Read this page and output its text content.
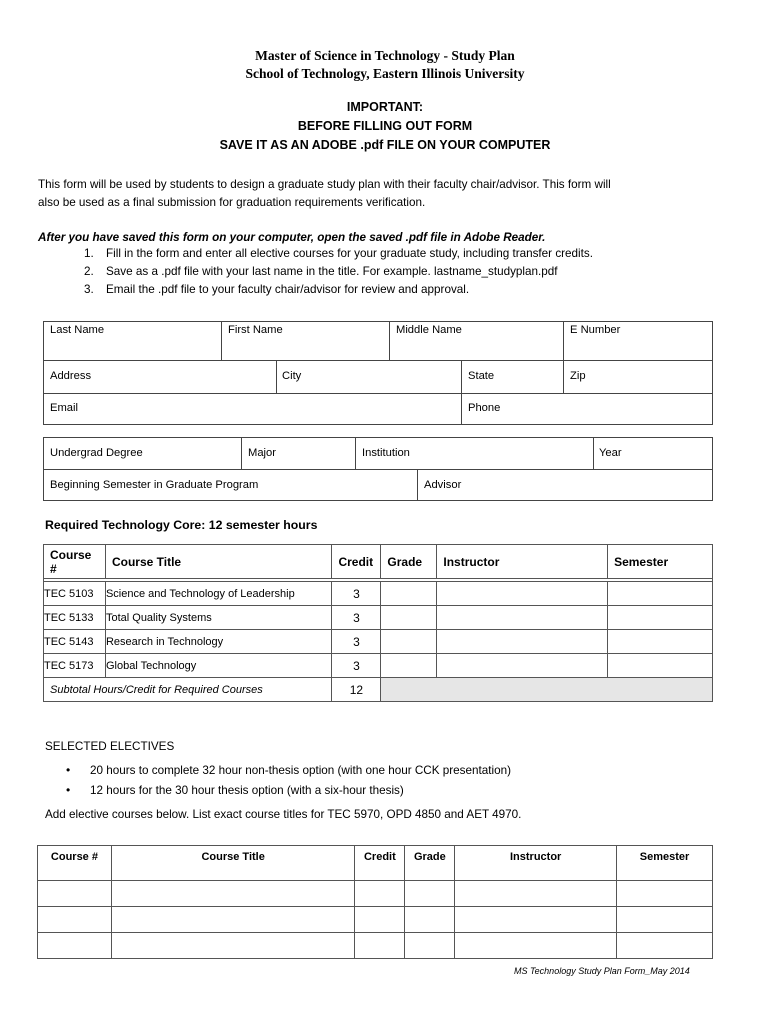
Master of Science in Technology - Study Plan
School of Technology, Eastern Illinois University
IMPORTANT:
BEFORE FILLING OUT FORM
SAVE IT AS AN ADOBE .pdf FILE ON YOUR COMPUTER
This form will be used by students to design a graduate study plan with their faculty chair/advisor. This form will
also be used as a final submission for graduation requirements verification.
After you have saved this form on your computer, open the saved .pdf file in Adobe Reader.
1. Fill in the form and enter all elective courses for your graduate study, including transfer credits.
2. Save as a .pdf file with your last name in the title. For example. lastname_studyplan.pdf
3. Email the .pdf file to your faculty chair/advisor for review and approval.
Last Name	First Name	Middle Name	E Number
Address	City	State	Zip
Email	Phone
Undergrad Degree	Major	Institution	Year
Beginning Semester in Graduate Program	Advisor
Required Technology Core: 12 semester hours
Course #	Course Title	Credit	Grade	Instructor	Semester

TEC 5103	Science and Technology of Leadership	3			
TEC 5133	Total Quality Systems	3			
TEC 5143	Research in Technology	3			
TEC 5173	Global Technology	3			
Subtotal Hours/Credit for Required Courses		12			
SELECTED ELECTIVES
• 20 hours to complete 32 hour non-thesis option (with one hour CCK presentation)
• 12 hours for the 30 hour thesis option (with a six-hour thesis)
Add elective courses below. List exact course titles for TEC 5970, OPD 4850 and AET 4970.
Course #	Course Title	Credit	Grade	Instructor	Semester

MS Technology Study Plan Form_May 2014
